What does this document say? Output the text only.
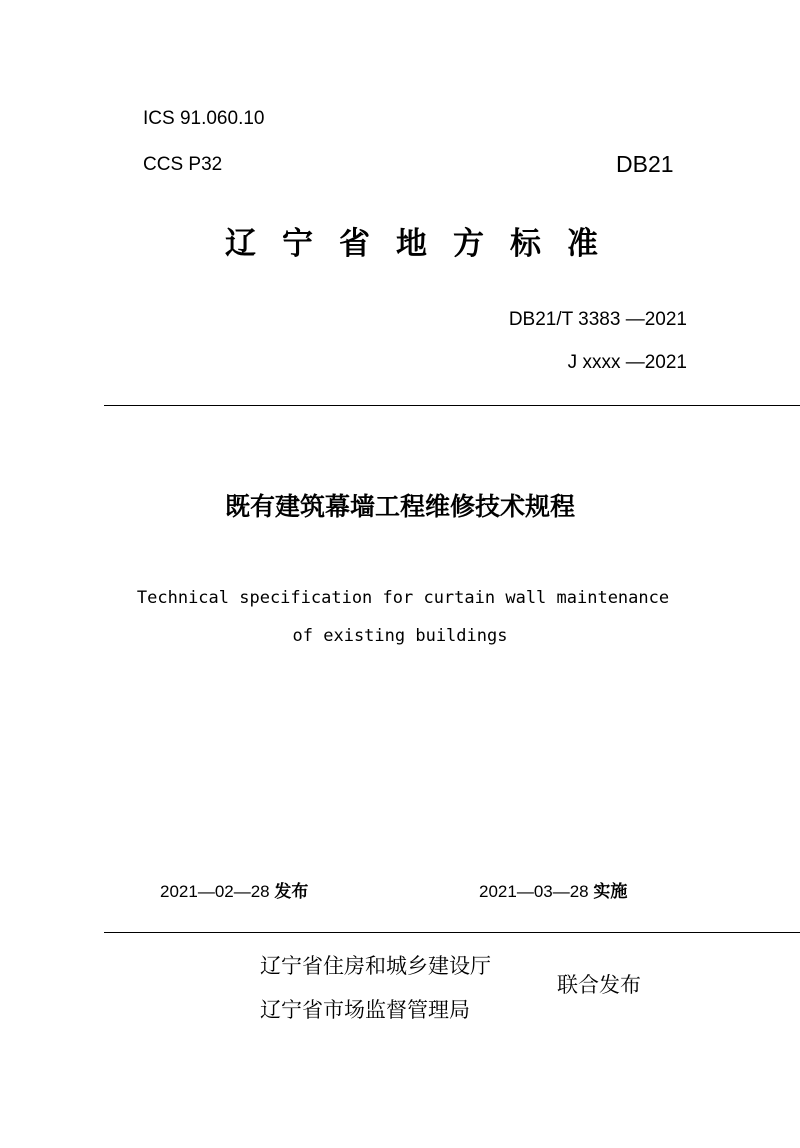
ICS 91.060.10
CCS P32	DB21
辽宁省地方标准
DB21/T 3383 —2021
J xxxx —2021
既有建筑幕墙工程维修技术规程
Technical specification for curtain wall maintenance
of existing buildings
2021—02—28 发布	2021—03—28 实施
辽宁省住房和城乡建设厅
辽宁省市场监督管理局
联合发布
